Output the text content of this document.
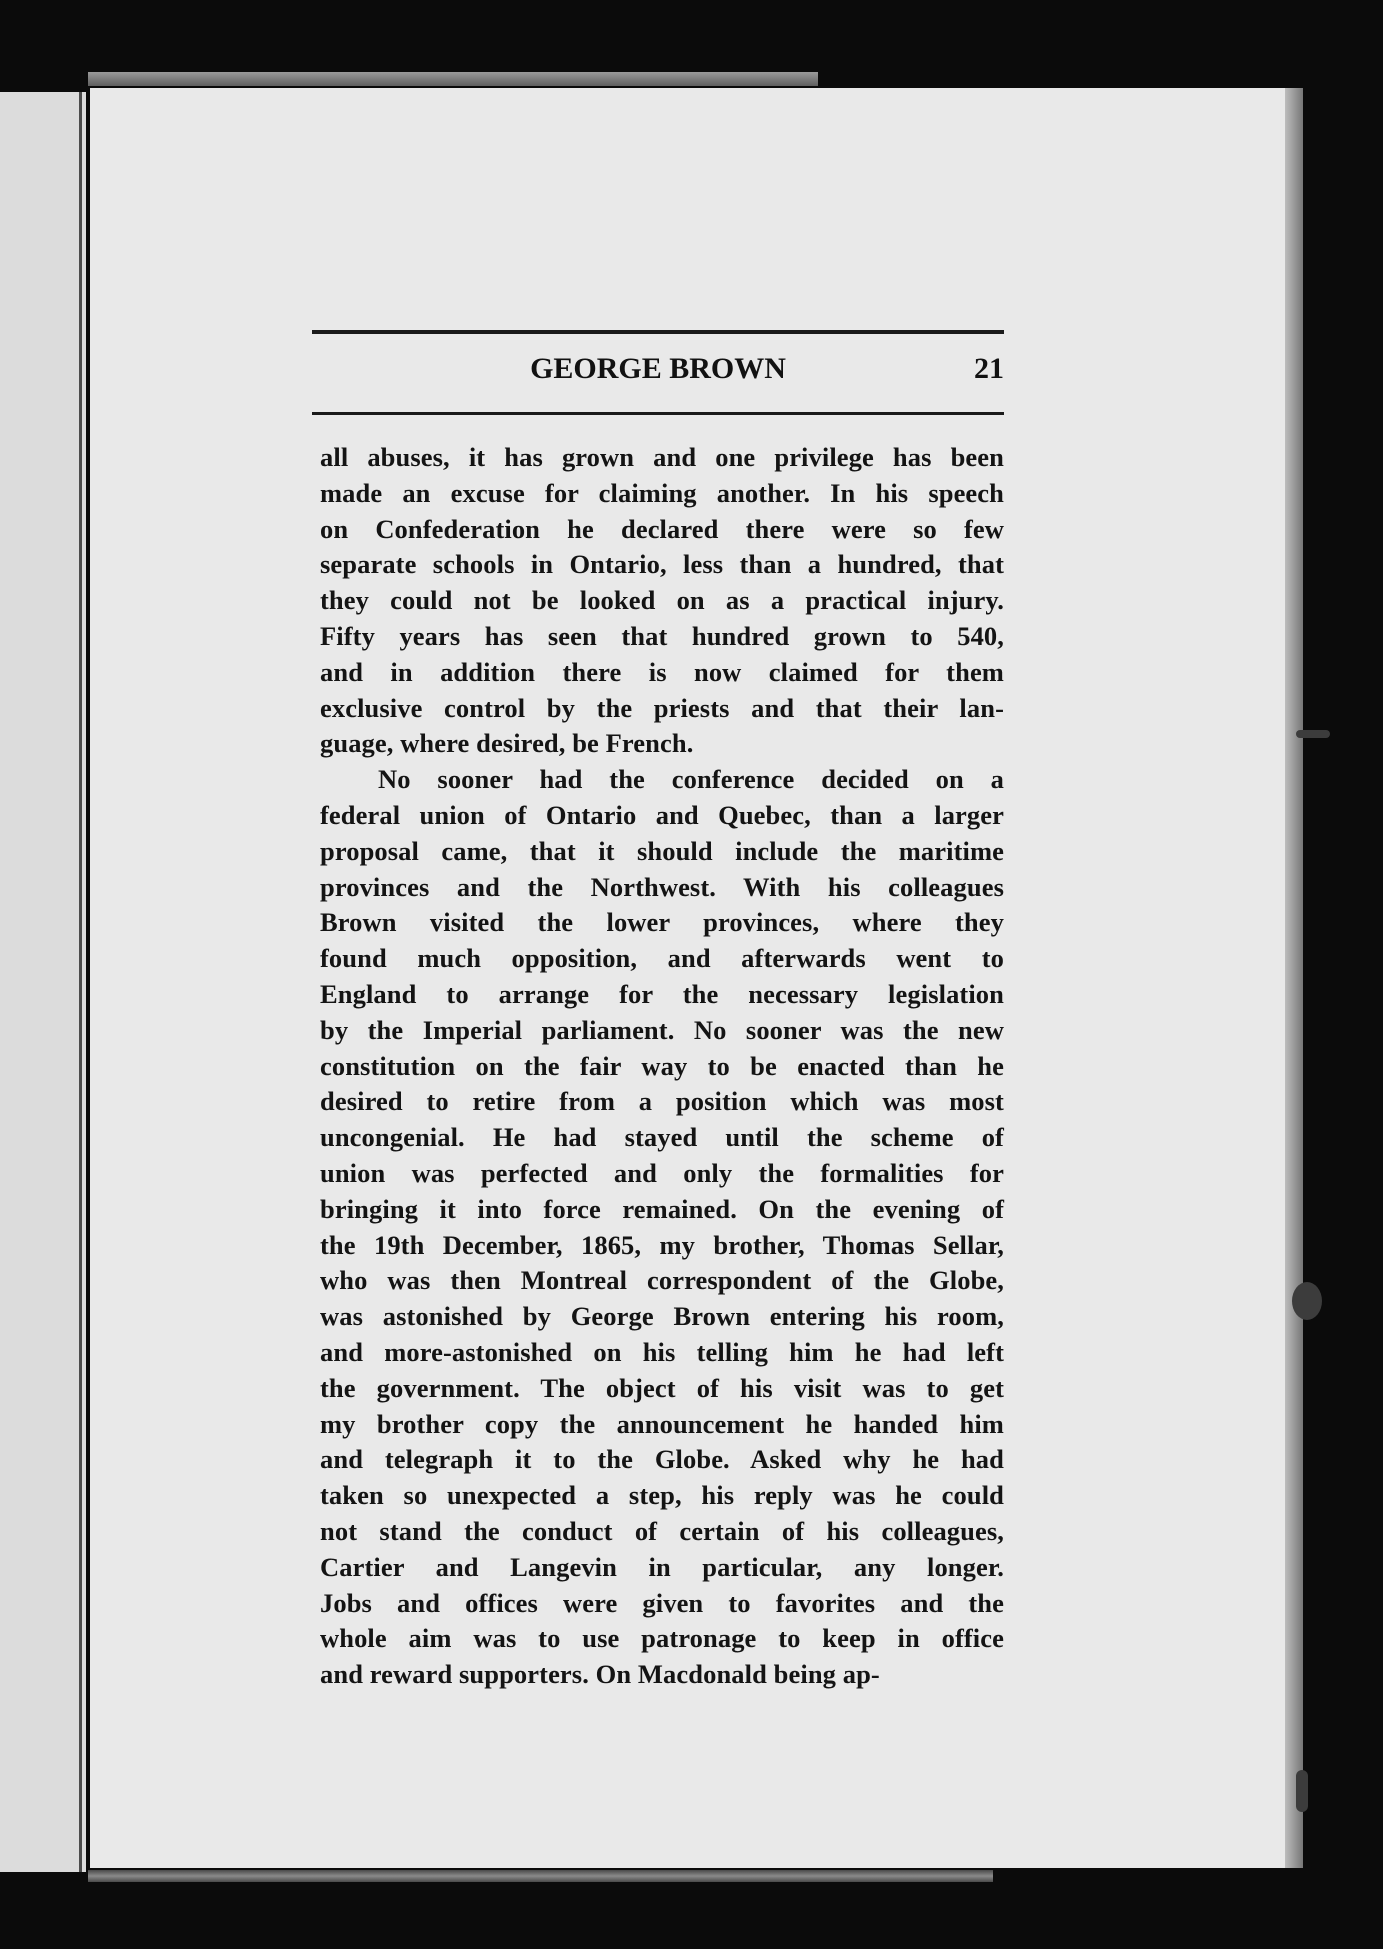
GEORGE BROWN	21
all abuses, it has grown and one privilege has been
made an excuse for claiming another. In his speech
on Confederation he declared there were so few
separate schools in Ontario, less than a hundred, that
they could not be looked on as a practical injury.
Fifty years has seen that hundred grown to 540,
and in addition there is now claimed for them
exclusive control by the priests and that their lan-
guage, where desired, be French.
No sooner had the conference decided on a
federal union of Ontario and Quebec, than a larger
proposal came, that it should include the maritime
provinces and the Northwest. With his colleagues
Brown visited the lower provinces, where they
found much opposition, and afterwards went to
England to arrange for the necessary legislation
by the Imperial parliament. No sooner was the new
constitution on the fair way to be enacted than he
desired to retire from a position which was most
uncongenial. He had stayed until the scheme of
union was perfected and only the formalities for
bringing it into force remained. On the evening of
the 19th December, 1865, my brother, Thomas Sellar,
who was then Montreal correspondent of the Globe,
was astonished by George Brown entering his room,
and more-astonished on his telling him he had left
the government. The object of his visit was to get
my brother copy the announcement he handed him
and telegraph it to the Globe. Asked why he had
taken so unexpected a step, his reply was he could
not stand the conduct of certain of his colleagues,
Cartier and Langevin in particular, any longer.
Jobs and offices were given to favorites and the
whole aim was to use patronage to keep in office
and reward supporters. On Macdonald being ap-
